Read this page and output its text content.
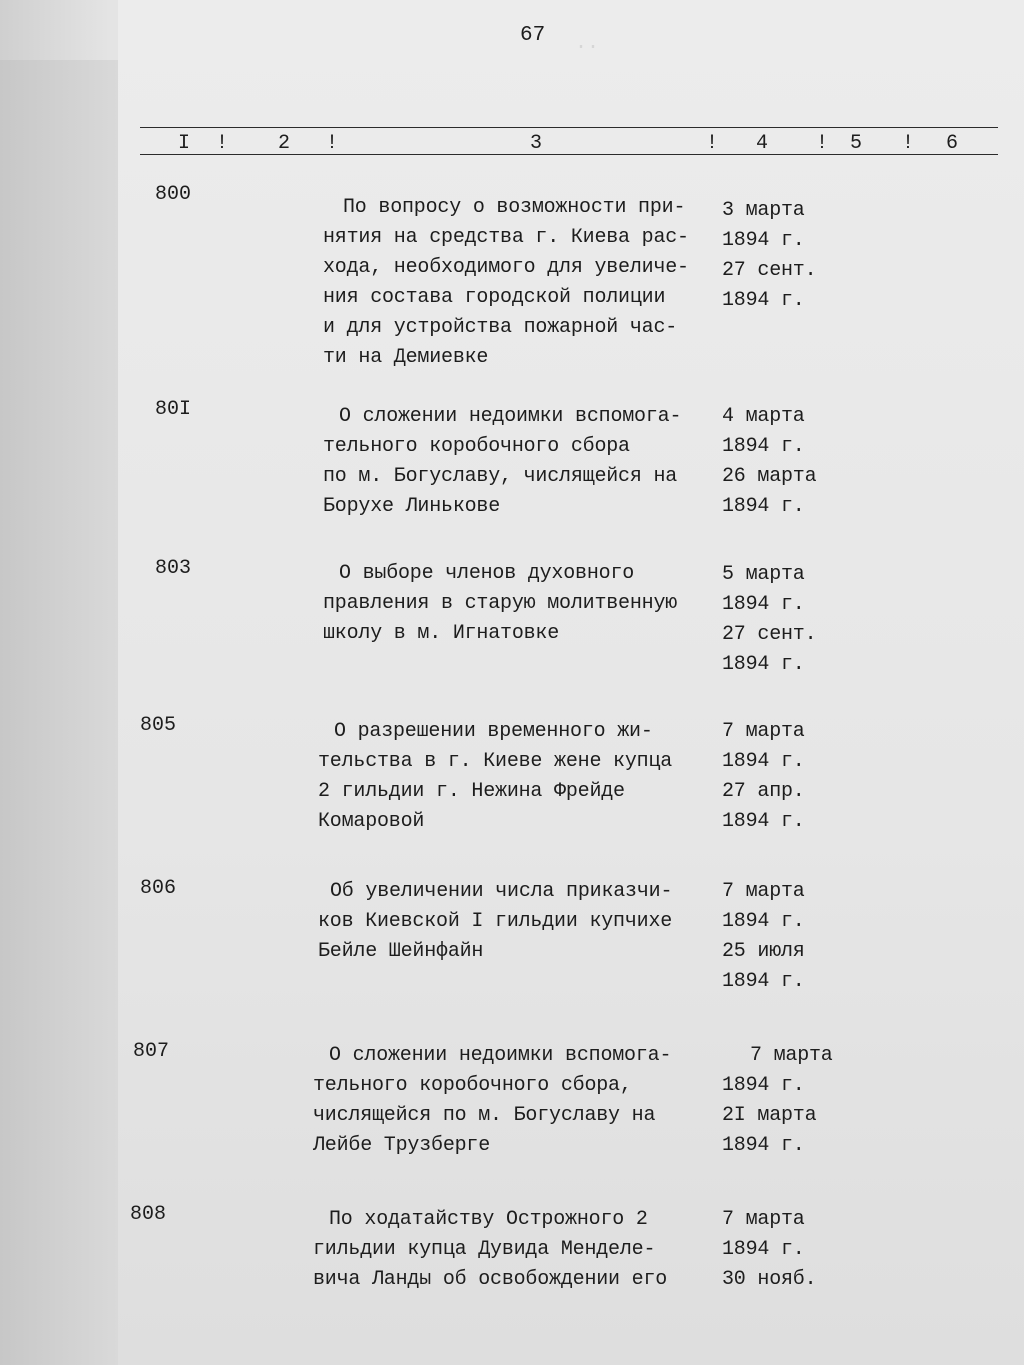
··
67
I ! 2 !	3	! 4 ! 5 ! 6
800
По вопросу о возможности при-
нятия на средства г. Киева рас-
хода, необходимого для увеличе-
ния состава городской полиции
и для устройства пожарной час-
ти на Демиевке
3 марта
1894 г.
27 сент.
1894 г.
80I	О сложении недоимки вспомога-
тельного коробочного сбора
по м. Богуславу, числящейся на
Борухе Линькове
4 марта
1894 г.
26 марта
1894 г.
803	О выборе членов духовного
правления в старую молитвенную
школу в м. Игнатовке
5 марта
1894 г.
27 сент.
1894 г.
805	О разрешении временного жи-
тельства в г. Киеве жене купца
2 гильдии г. Нежина Фрейде
Комаровой
7 марта
1894 г.
27 апр.
1894 г.
806	Об увеличении числа приказчи-
ков Киевской I гильдии купчихе
Бейле Шейнфайн
7 марта
1894 г.
25 июля
1894 г.
807	О сложении недоимки вспомога-
тельного коробочного сбора,
числящейся по м. Богуславу на
Лейбе Трузберге
7 марта
1894 г.
2I марта
1894 г.
808	По ходатайству Острожного 2
гильдии купца Дувида Менделе-
вича Ланды об освобождении его
7 марта
1894 г.
30 нояб.
